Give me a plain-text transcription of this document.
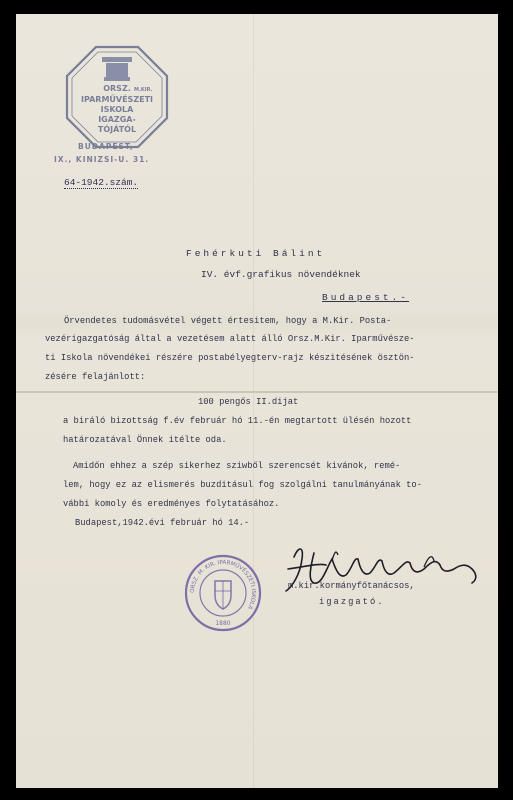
ORSZ. M.KIR.
IPARMŰVÉSZETI
ISKOLA
IGAZGA-
TÓJÁTÓL
BUDAPEST,
IX., KINIZSI-U. 31.
64-1942.szám.
Fehérkuti Bálint
IV. évf.grafikus növendéknek
Budapest.-
Örvendetes tudomásvétel végett értesitem, hogy a M.Kir. Posta-
vezérigazgatóság által a vezetésem alatt álló Orsz.M.Kir. Iparművésze-
ti Iskola növendékei részére postabélyegterv-rajz készitésének ösztön-
zésére felajánlott:
100 pengős II.dijat
a biráló bizottság f.év február hó 11.-én megtartott ülésén hozott
határozatával Önnek itélte oda.
Amidőn ehhez a szép sikerhez sziwből szerencsét kivánok, remé-
lem, hogy ez az elismerés buzditásul fog szolgálni tanulmányának to-
vábbi komoly és eredményes folytatásához.
Budapest,1942.évi február hó 14.-
ORSZ. M. KIR. IPARMŰVÉSZETI ISKOLA
1880
m.kir.kormányfőtanácsos,
igazgató.
